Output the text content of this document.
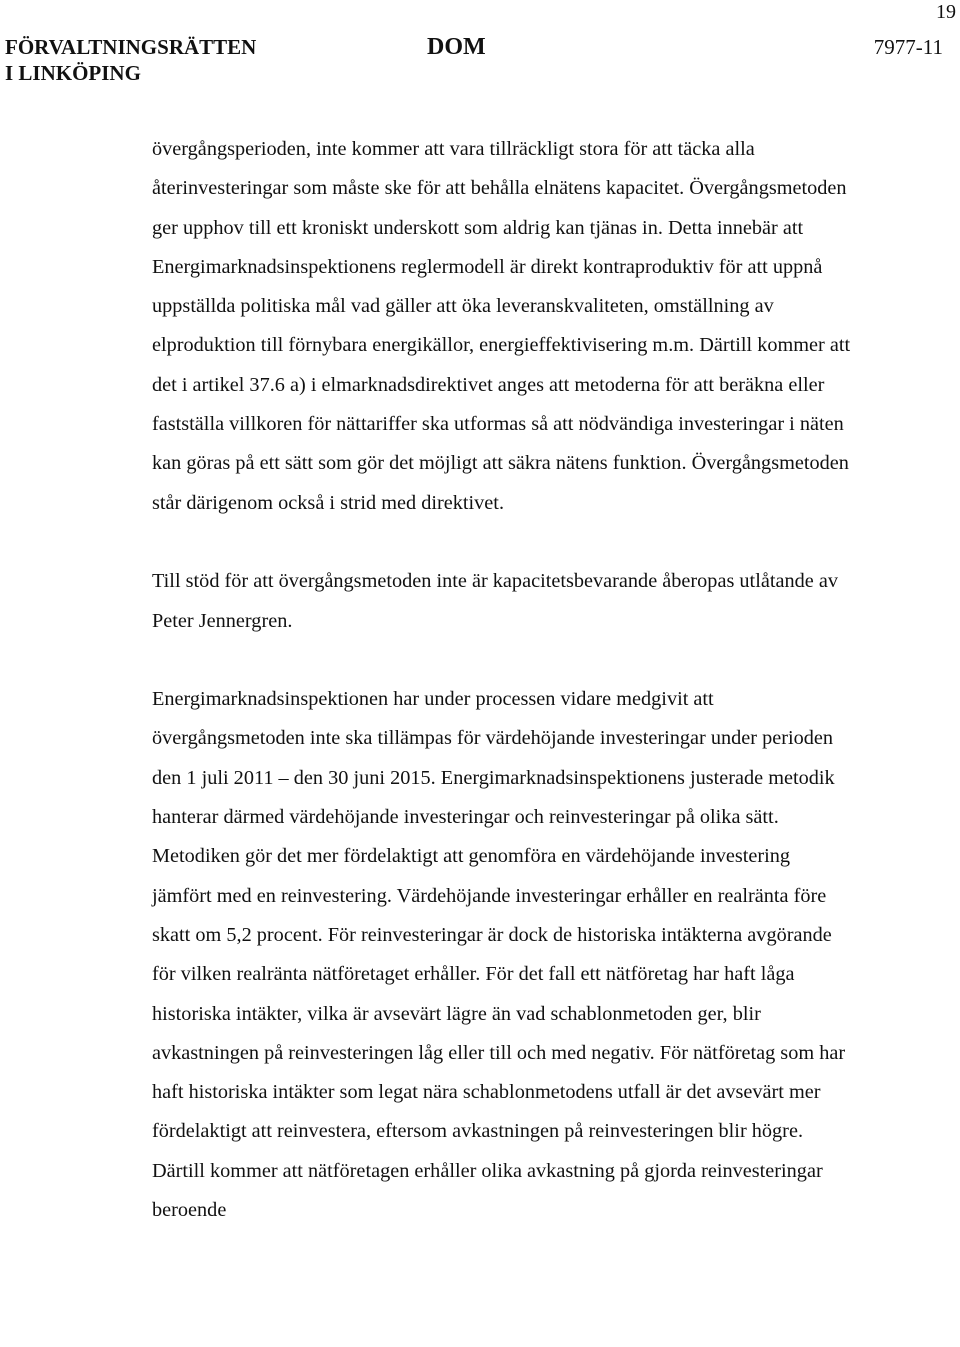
19
FÖRVALTNINGSRÄTTEN
I LINKÖPING
DOM	7977-11

övergångsperioden, inte kommer att vara tillräckligt stora för att täcka alla återinvesteringar som måste ske för att behålla elnätens kapacitet. Övergångsmetoden ger upphov till ett kroniskt underskott som aldrig kan tjänas in. Detta innebär att Energimarknadsinspektionens reglermodell är direkt kontraproduktiv för att uppnå uppställda politiska mål vad gäller att öka leveranskvaliteten, omställning av elproduktion till förnybara energikällor, energieffektivisering m.m. Därtill kommer att det i artikel 37.6 a) i elmarknadsdirektivet anges att metoderna för att beräkna eller fastställa villkoren för nättariffer ska utformas så att nödvändiga investeringar i näten kan göras på ett sätt som gör det möjligt att säkra nätens funktion. Övergångsmetoden står därigenom också i strid med direktivet.

Till stöd för att övergångsmetoden inte är kapacitetsbevarande åberopas utlåtande av Peter Jennergren.

Energimarknadsinspektionen har under processen vidare medgivit att övergångsmetoden inte ska tillämpas för värdehöjande investeringar under perioden den 1 juli 2011 – den 30 juni 2015. Energimarknadsinspektionens justerade metodik hanterar därmed värdehöjande investeringar och reinvesteringar på olika sätt. Metodiken gör det mer fördelaktigt att genomföra en värdehöjande investering jämfört med en reinvestering. Värdehöjande investeringar erhåller en realränta före skatt om 5,2 procent. För reinvesteringar är dock de historiska intäkterna avgörande för vilken realränta nätföretaget erhåller. För det fall ett nätföretag har haft låga historiska intäkter, vilka är avsevärt lägre än vad schablonmetoden ger, blir avkastningen på reinvesteringen låg eller till och med negativ. För nätföretag som har haft historiska intäkter som legat nära schablonmetodens utfall är det avsevärt mer fördelaktigt att reinvestera, eftersom avkastningen på reinvesteringen blir högre. Därtill kommer att nätföretagen erhåller olika avkastning på gjorda reinvesteringar beroende
